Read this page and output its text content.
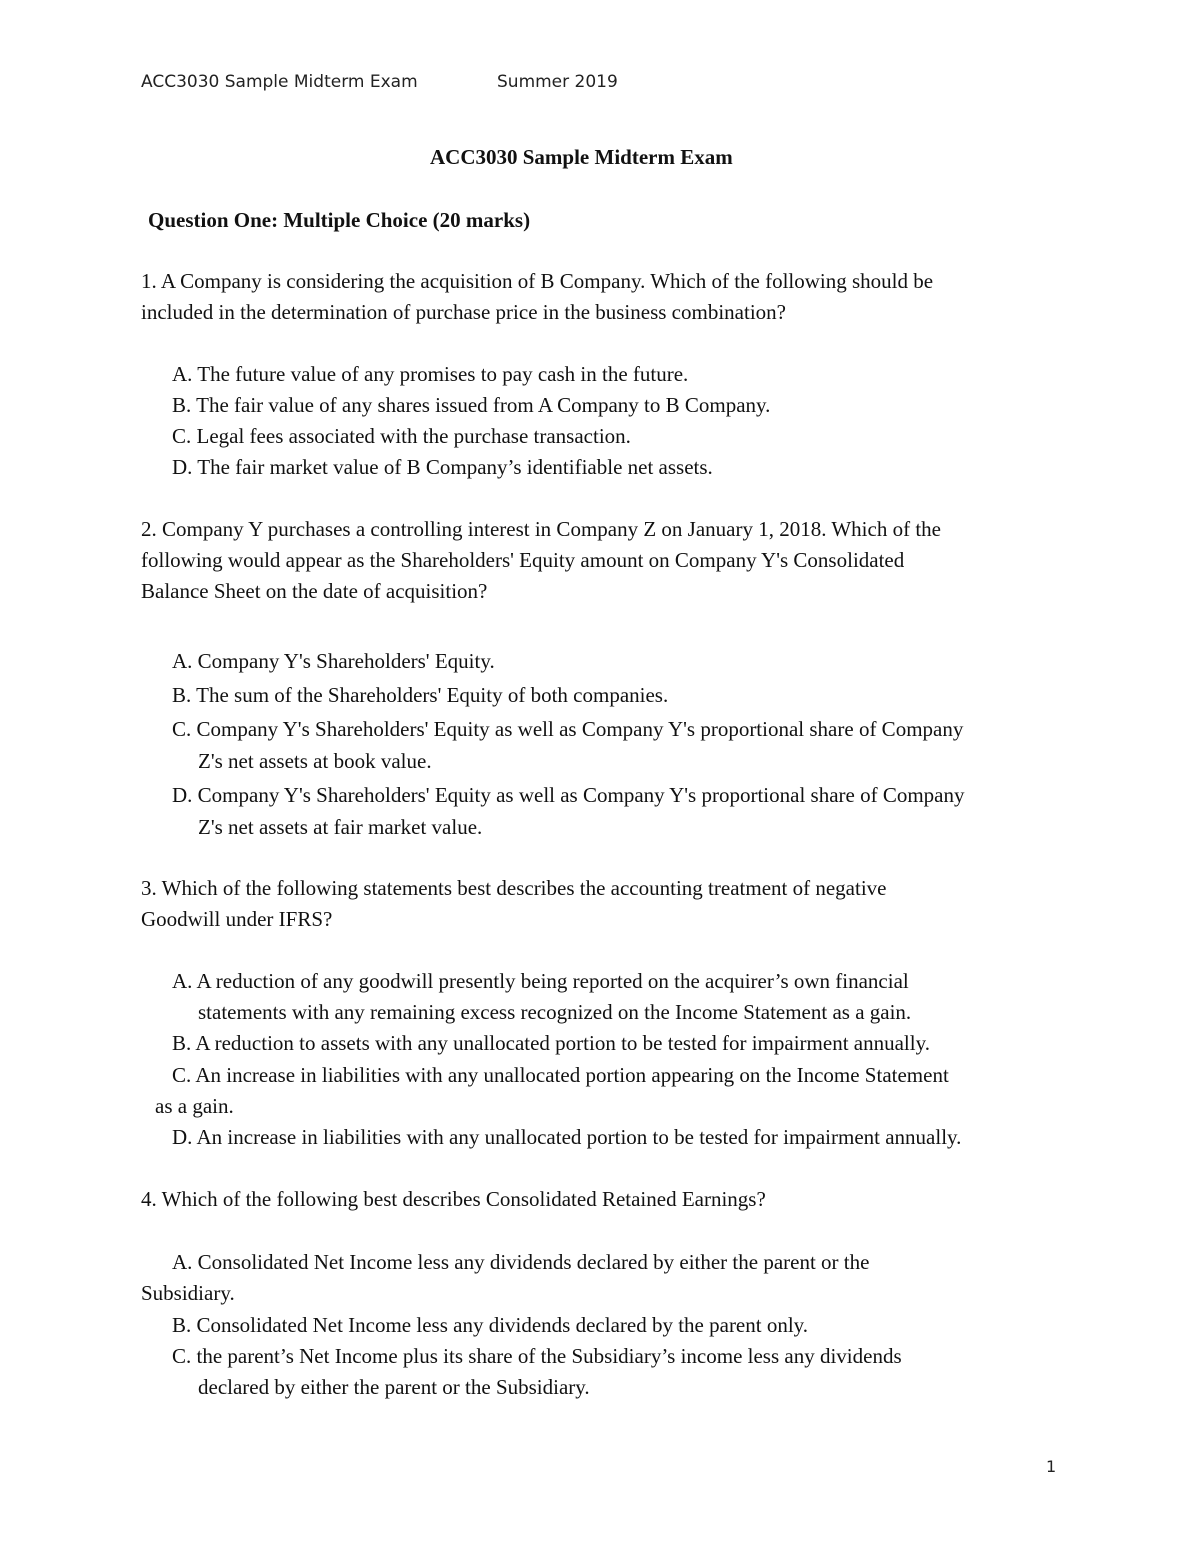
ACC3030 Sample Midterm Exam	Summer 2019
ACC3030 Sample Midterm Exam
Question One: Multiple Choice (20 marks)
1. A Company is considering the acquisition of B Company. Which of the following should be
included in the determination of purchase price in the business combination?
A. The future value of any promises to pay cash in the future.
B. The fair value of any shares issued from A Company to B Company.
C. Legal fees associated with the purchase transaction.
D. The fair market value of B Company’s identifiable net assets.
2. Company Y purchases a controlling interest in Company Z on January 1, 2018. Which of the
following would appear as the Shareholders' Equity amount on Company Y's Consolidated
Balance Sheet on the date of acquisition?
A. Company Y's Shareholders' Equity.
B. The sum of the Shareholders' Equity of both companies.
C. Company Y's Shareholders' Equity as well as Company Y's proportional share of Company
Z's net assets at book value.
D. Company Y's Shareholders' Equity as well as Company Y's proportional share of Company
Z's net assets at fair market value.
3. Which of the following statements best describes the accounting treatment of negative
Goodwill under IFRS?
A. A reduction of any goodwill presently being reported on the acquirer’s own financial
statements with any remaining excess recognized on the Income Statement as a gain.
B. A reduction to assets with any unallocated portion to be tested for impairment annually.
C. An increase in liabilities with any unallocated portion appearing on the Income Statement
as a gain.
D. An increase in liabilities with any unallocated portion to be tested for impairment annually.
4. Which of the following best describes Consolidated Retained Earnings?
A. Consolidated Net Income less any dividends declared by either the parent or the
Subsidiary.
B. Consolidated Net Income less any dividends declared by the parent only.
C. the parent’s Net Income plus its share of the Subsidiary’s income less any dividends
declared by either the parent or the Subsidiary.
1
